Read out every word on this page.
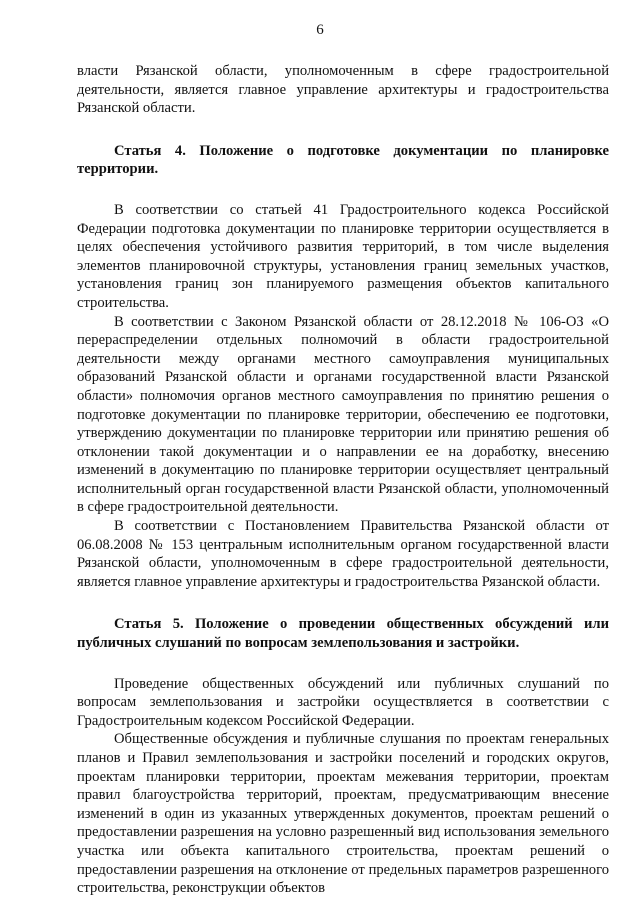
6

власти Рязанской области, уполномоченным в сфере градостроительной деятельности, является главное управление архитектуры и градостроительства Рязанской области.

Статья 4. Положение о подготовке документации по планировке территории.

В соответствии со статьей 41 Градостроительного кодекса Российской Федерации подготовка документации по планировке территории осуществляется в целях обеспечения устойчивого развития территорий, в том числе выделения элементов планировочной структуры, установления границ земельных участков, установления границ зон планируемого размещения объектов капитального строительства.

В соответствии с Законом Рязанской области от 28.12.2018 № 106-ОЗ «О перераспределении отдельных полномочий в области градостроительной деятельности между органами местного самоуправления муниципальных образований Рязанской области и органами государственной власти Рязанской области» полномочия органов местного самоуправления по принятию решения о подготовке документации по планировке территории, обеспечению ее подготовки, утверждению документации по планировке территории или принятию решения об отклонении такой документации и о направлении ее на доработку, внесению изменений в документацию по планировке территории осуществляет центральный исполнительный орган государственной власти Рязанской области, уполномоченный в сфере градостроительной деятельности.

В соответствии с Постановлением Правительства Рязанской области от 06.08.2008 № 153 центральным исполнительным органом государственной власти Рязанской области, уполномоченным в сфере градостроительной деятельности, является главное управление архитектуры и градостроительства Рязанской области.

Статья 5. Положение о проведении общественных обсуждений или публичных слушаний по вопросам землепользования и застройки.

Проведение общественных обсуждений или публичных слушаний по вопросам землепользования и застройки осуществляется в соответствии с Градостроительным кодексом Российской Федерации.

Общественные обсуждения и публичные слушания по проектам генеральных планов и Правил землепользования и застройки поселений и городских округов, проектам планировки территории, проектам межевания территории, проектам правил благоустройства территорий, проектам, предусматривающим внесение изменений в один из указанных утвержденных документов, проектам решений о предоставлении разрешения на условно разрешенный вид использования земельного участка или объекта капитального строительства, проектам решений о предоставлении разрешения на отклонение от предельных параметров разрешенного строительства, реконструкции объектов
